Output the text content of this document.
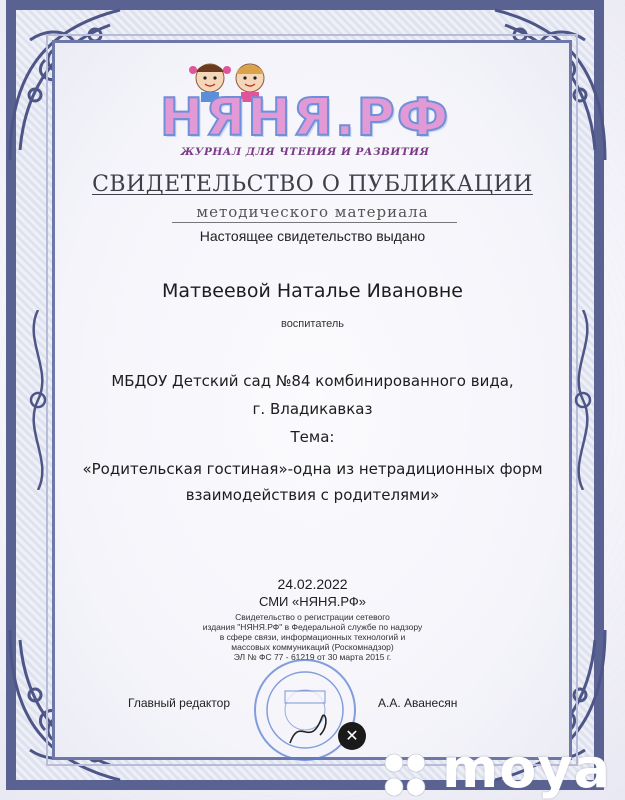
НЯНЯ.РФ
ЖУРНАЛ ДЛЯ ЧТЕНИЯ И РАЗВИТИЯ
СВИДЕТЕЛЬСТВО О ПУБЛИКАЦИИ
методического материала
Настоящее свидетельство выдано
Матвеевой Наталье Ивановне
воспитатель
МБДОУ Детский сад №84 комбинированного вида,
г. Владикавказ
Тема:
«Родительская гостиная»-одна из нетрадиционных форм
взаимодействия с родителями»
24.02.2022
СМИ «НЯНЯ.РФ»
Свидетельство о регистрации сетевого
издания "НЯНЯ.РФ" в Федеральной службе по надзору
в сфере связи, информационных технологий и
массовых коммуникаций (Роскомнадзор)
ЭЛ № ФС 77 - 61219 от 30 марта 2015 г.
Главный редактор	А.А. Аванесян
✕
moya
